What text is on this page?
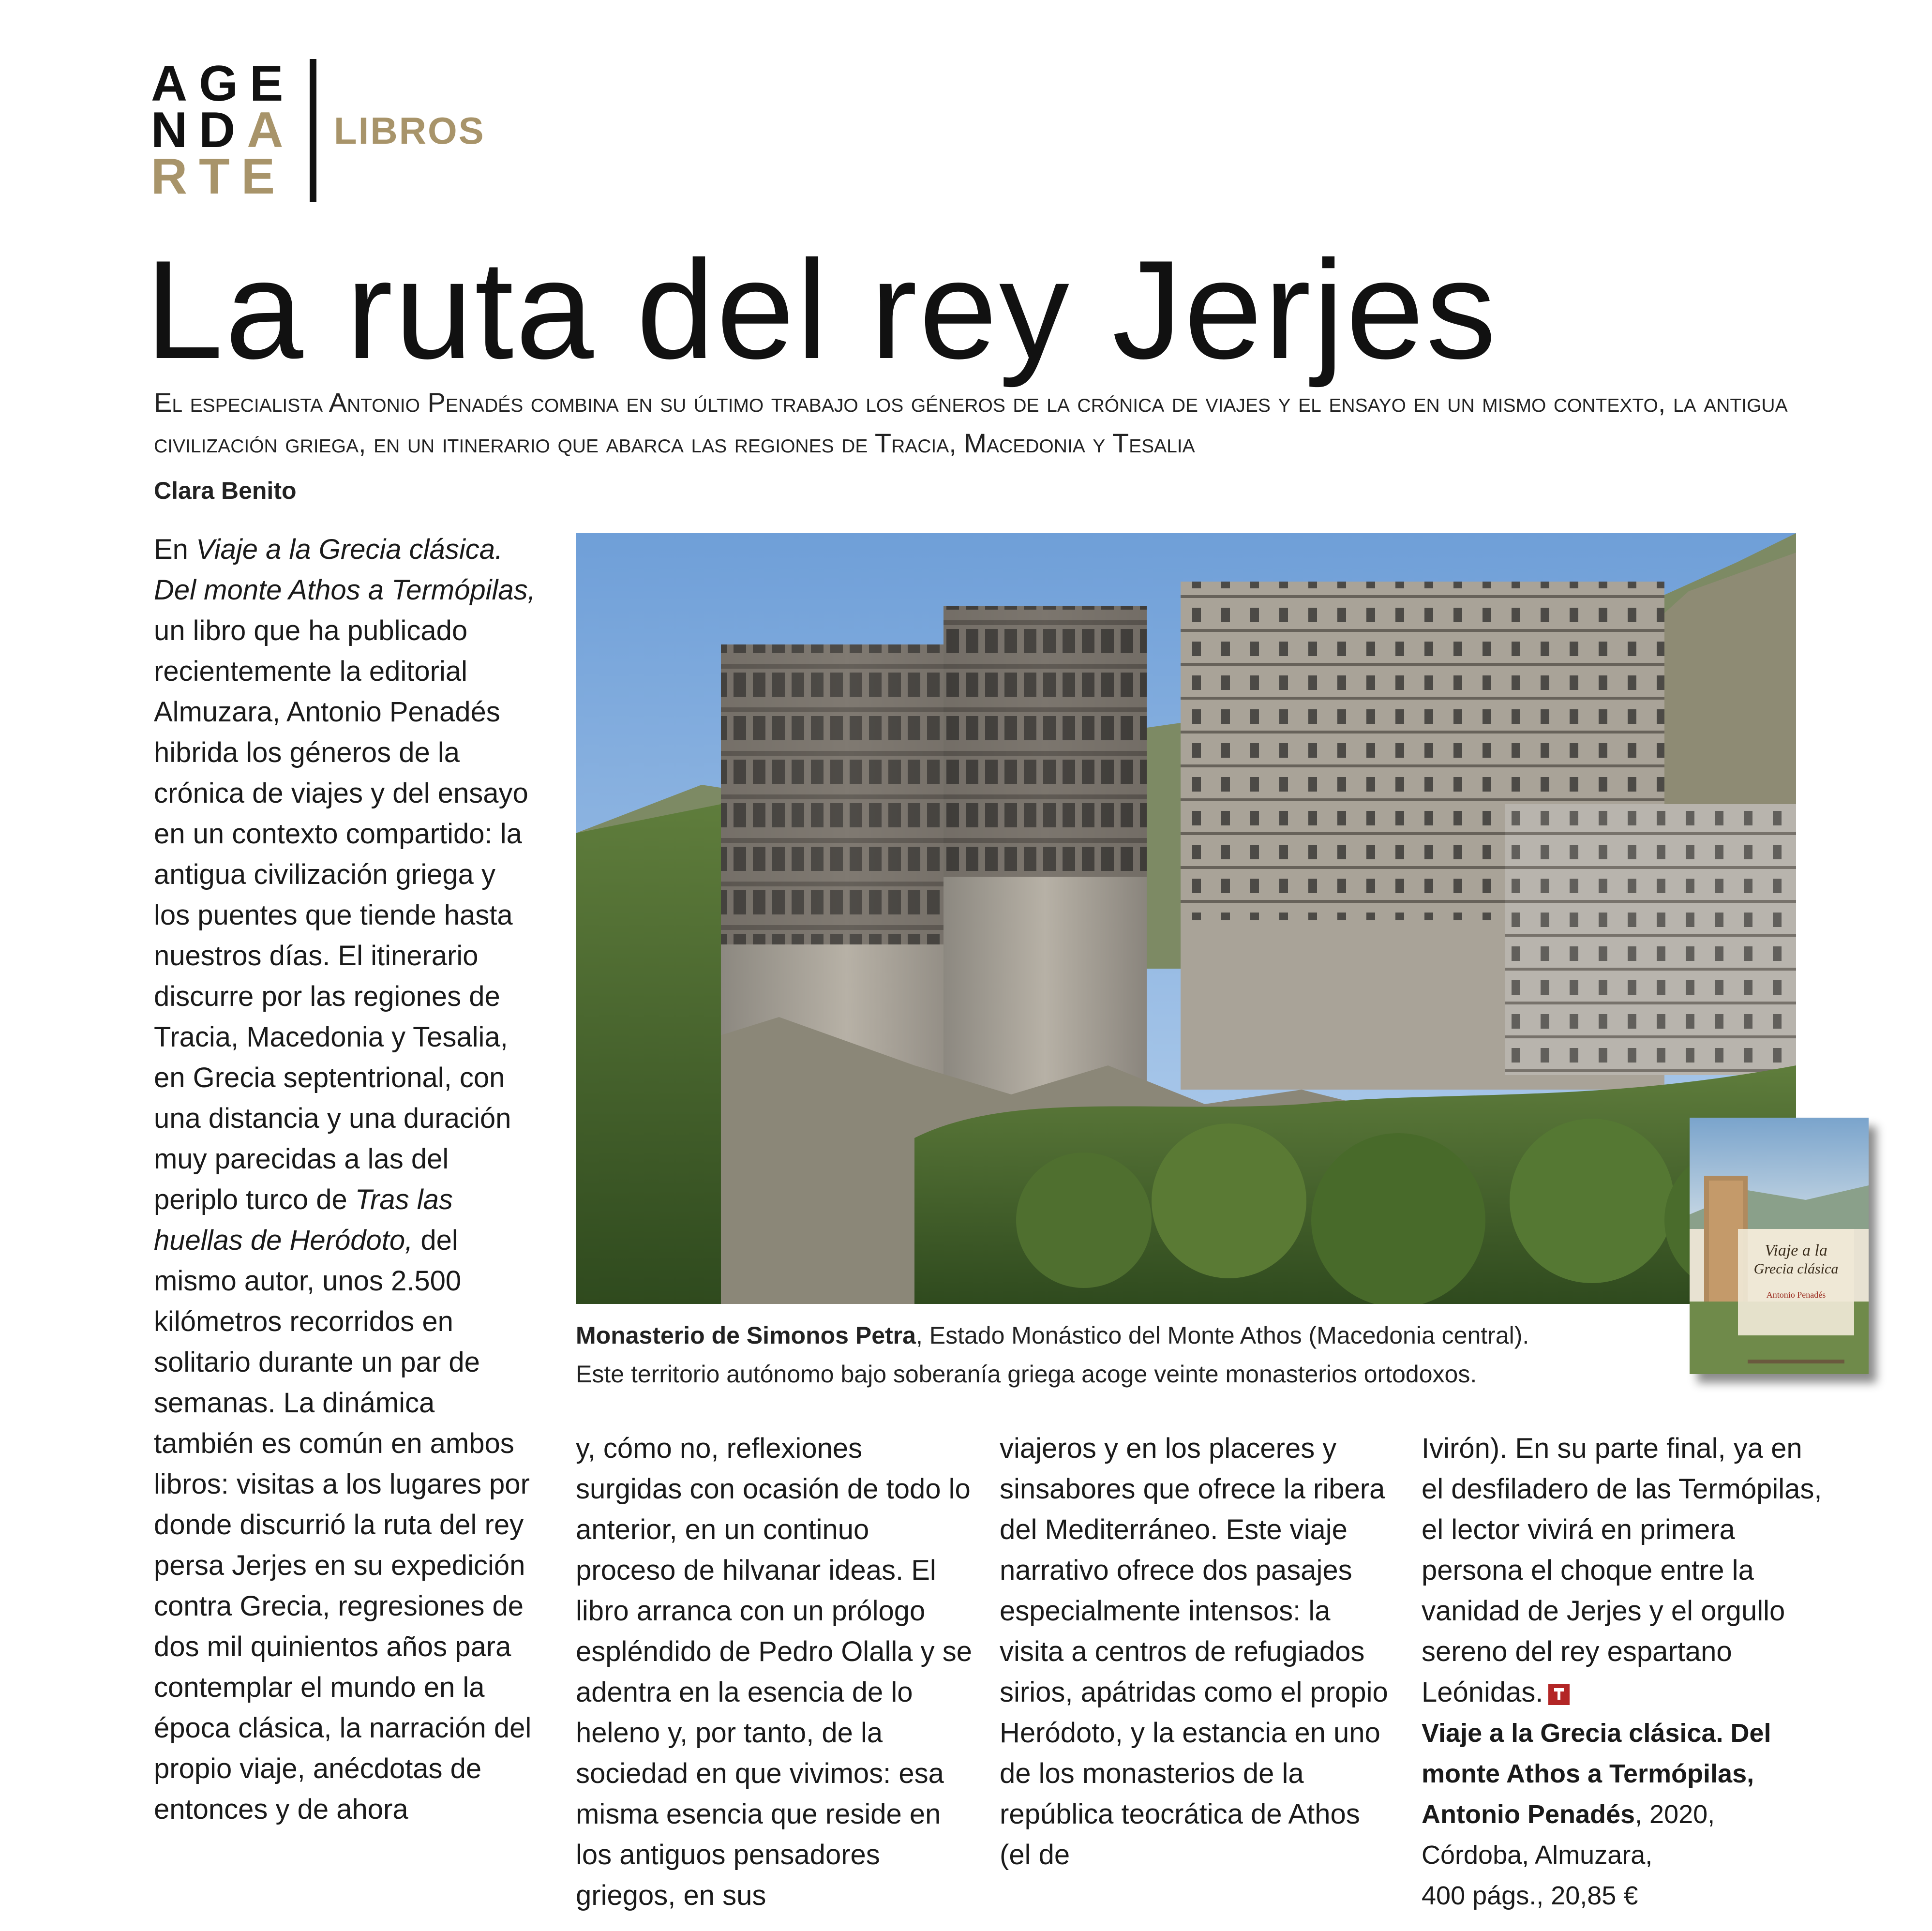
AGE
NDA
RTE
LIBROS
La ruta del rey Jerjes
El especialista Antonio Penadés combina en su último trabajo los géneros de la crónica de viajes y el ensayo en un mismo contexto, la antigua civilización griega, en un itinerario que abarca las regiones de Tracia, Macedonia y Tesalia
Clara Benito

En Viaje a la Grecia clásica. Del monte Athos a Termópilas, un libro que ha publicado recientemente la editorial Almuzara, Antonio Penadés hibrida los géneros de la crónica de viajes y del ensayo en un contexto compartido: la antigua civilización griega y los puentes que tiende hasta nuestros días. El itinerario discurre por las regiones de Tracia, Macedonia y Tesalia, en Grecia septentrional, con una distancia y una duración muy parecidas a las del periplo turco de Tras las huellas de Heródoto, del mismo autor, unos 2.500 kilómetros recorridos en solitario durante un par de semanas. La dinámica también es común en ambos libros: visitas a los lugares por donde discurrió la ruta del rey persa Jerjes en su expedición contra Grecia, regresiones de dos mil quinientos años para contemplar el mundo en la época clásica, la narración del propio viaje, anécdotas de entonces y de ahora

Monasterio de Simonos Petra, Estado Monástico del Monte Athos (Macedonia central).
Este territorio autónomo bajo soberanía griega acoge veinte monasterios ortodoxos.
Viaje a la
Grecia clásica
Antonio Penadés

y, cómo no, reflexiones surgidas con ocasión de todo lo anterior, en un continuo proceso de hilvanar ideas. El libro arranca con un prólogo espléndido de Pedro Olalla y se adentra en la esencia de lo heleno y, por tanto, de la sociedad en que vivimos: esa misma esencia que reside en los antiguos pensadores griegos, en sus

viajeros y en los placeres y sinsabores que ofrece la ribera del Mediterráneo. Este viaje narrativo ofrece dos pasajes especialmente intensos: la visita a centros de refugiados sirios, apátridas como el propio Heródoto, y la estancia en uno de los monasterios de la república teocrática de Athos (el de

Ivirón). En su parte final, ya en el desfiladero de las Termópilas, el lector vivirá en primera persona el choque entre la vanidad de Jerjes y el orgullo sereno del rey espartano Leónidas.

Viaje a la Grecia clásica. Del monte Athos a Termópilas,
Antonio Penadés, 2020,
Córdoba, Almuzara,
400 págs., 20,85 €
